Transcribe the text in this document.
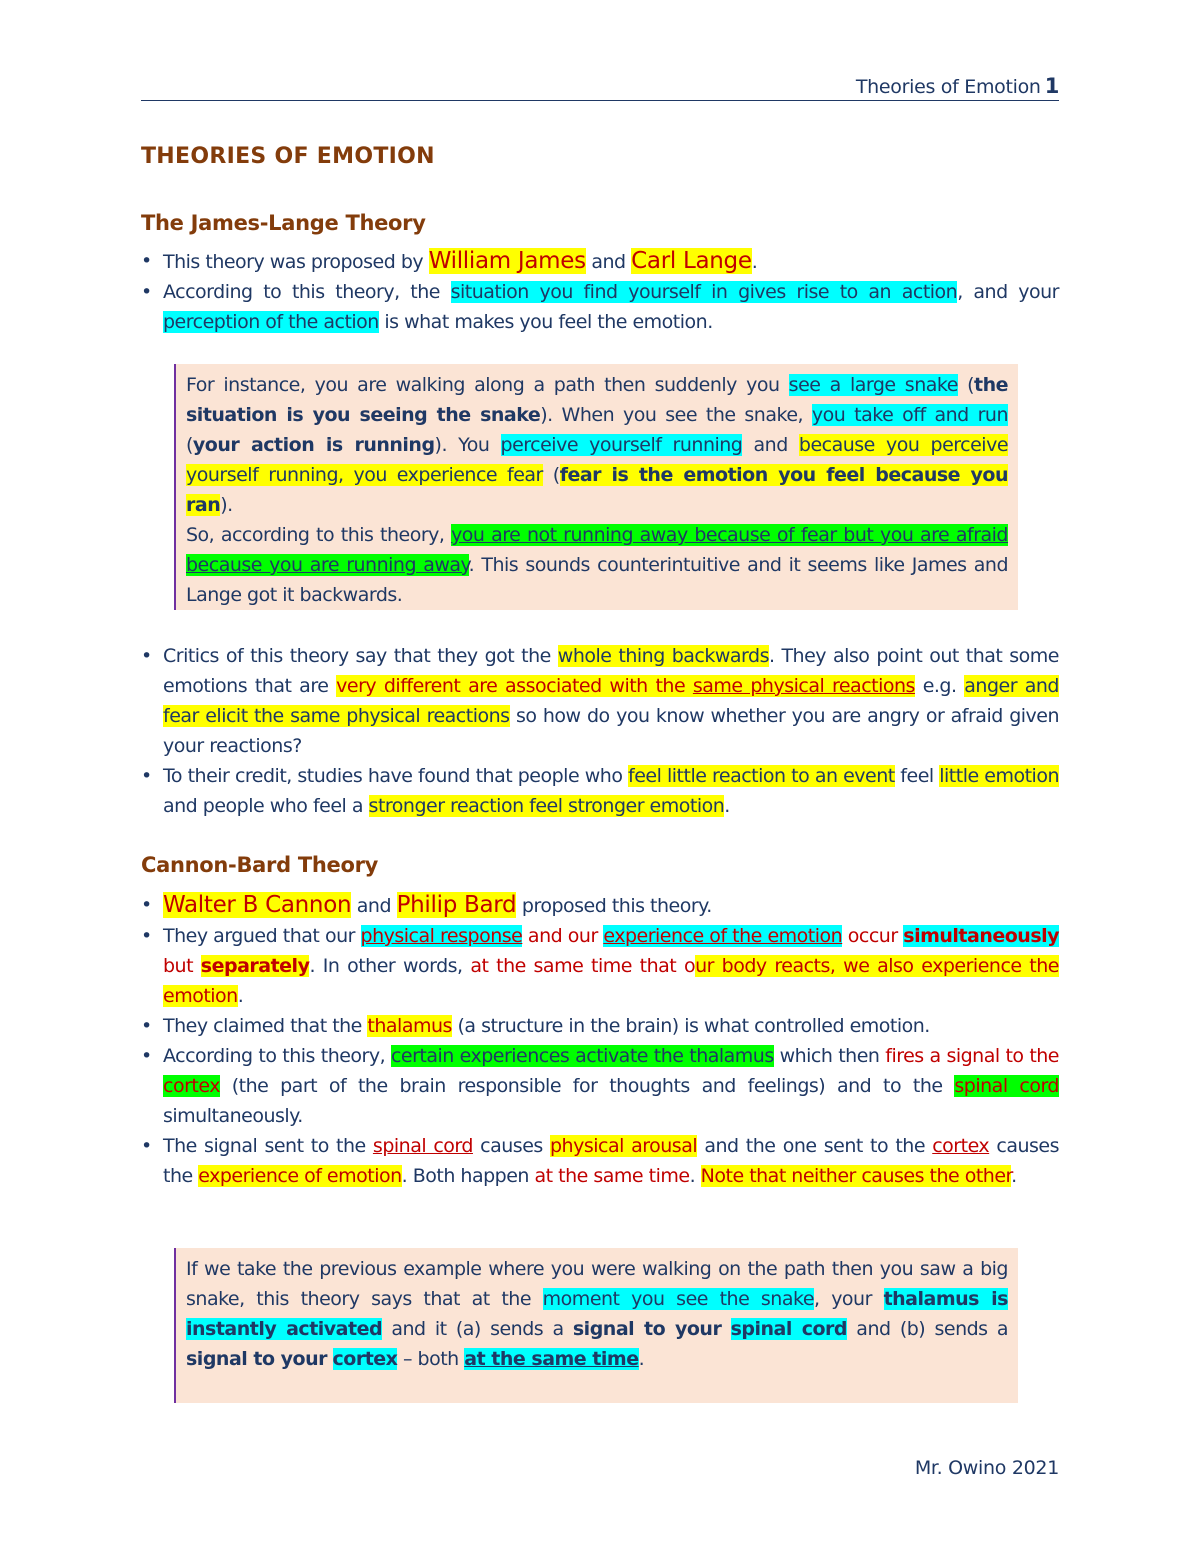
Theories of Emotion 1
THEORIES OF EMOTION
The James-Lange Theory
• This theory was proposed by William James and Carl Lange.
• According to this theory, the situation you find yourself in gives rise to an action, and your perception of the action is what makes you feel the emotion.

For instance, you are walking along a path then suddenly you see a large snake (the situation is you seeing the snake). When you see the snake, you take off and run (your action is running). You perceive yourself running and because you perceive yourself running, you experience fear (fear is the emotion you feel because you ran).

So, according to this theory, you are not running away because of fear but you are afraid because you are running away. This sounds counterintuitive and it seems like James and Lange got it backwards.

• Critics of this theory say that they got the whole thing backwards. They also point out that some emotions that are very different are associated with the same physical reactions e.g. anger and fear elicit the same physical reactions so how do you know whether you are angry or afraid given your reactions?
• To their credit, studies have found that people who feel little reaction to an event feel little emotion and people who feel a stronger reaction feel stronger emotion.
Cannon-Bard Theory
• Walter B Cannon and Philip Bard proposed this theory.
• They argued that our physical response and our experience of the emotion occur simultaneously but separately. In other words, at the same time that our body reacts, we also experience the emotion.
• They claimed that the thalamus (a structure in the brain) is what controlled emotion.
• According to this theory, certain experiences activate the thalamus which then fires a signal to the cortex (the part of the brain responsible for thoughts and feelings) and to the spinal cord simultaneously.
• The signal sent to the spinal cord causes physical arousal and the one sent to the cortex causes the experience of emotion. Both happen at the same time. Note that neither causes the other.

If we take the previous example where you were walking on the path then you saw a big snake, this theory says that at the moment you see the snake, your thalamus is instantly activated and it (a) sends a signal to your spinal cord and (b) sends a signal to your cortex – both at the same time.

Mr. Owino 2021
